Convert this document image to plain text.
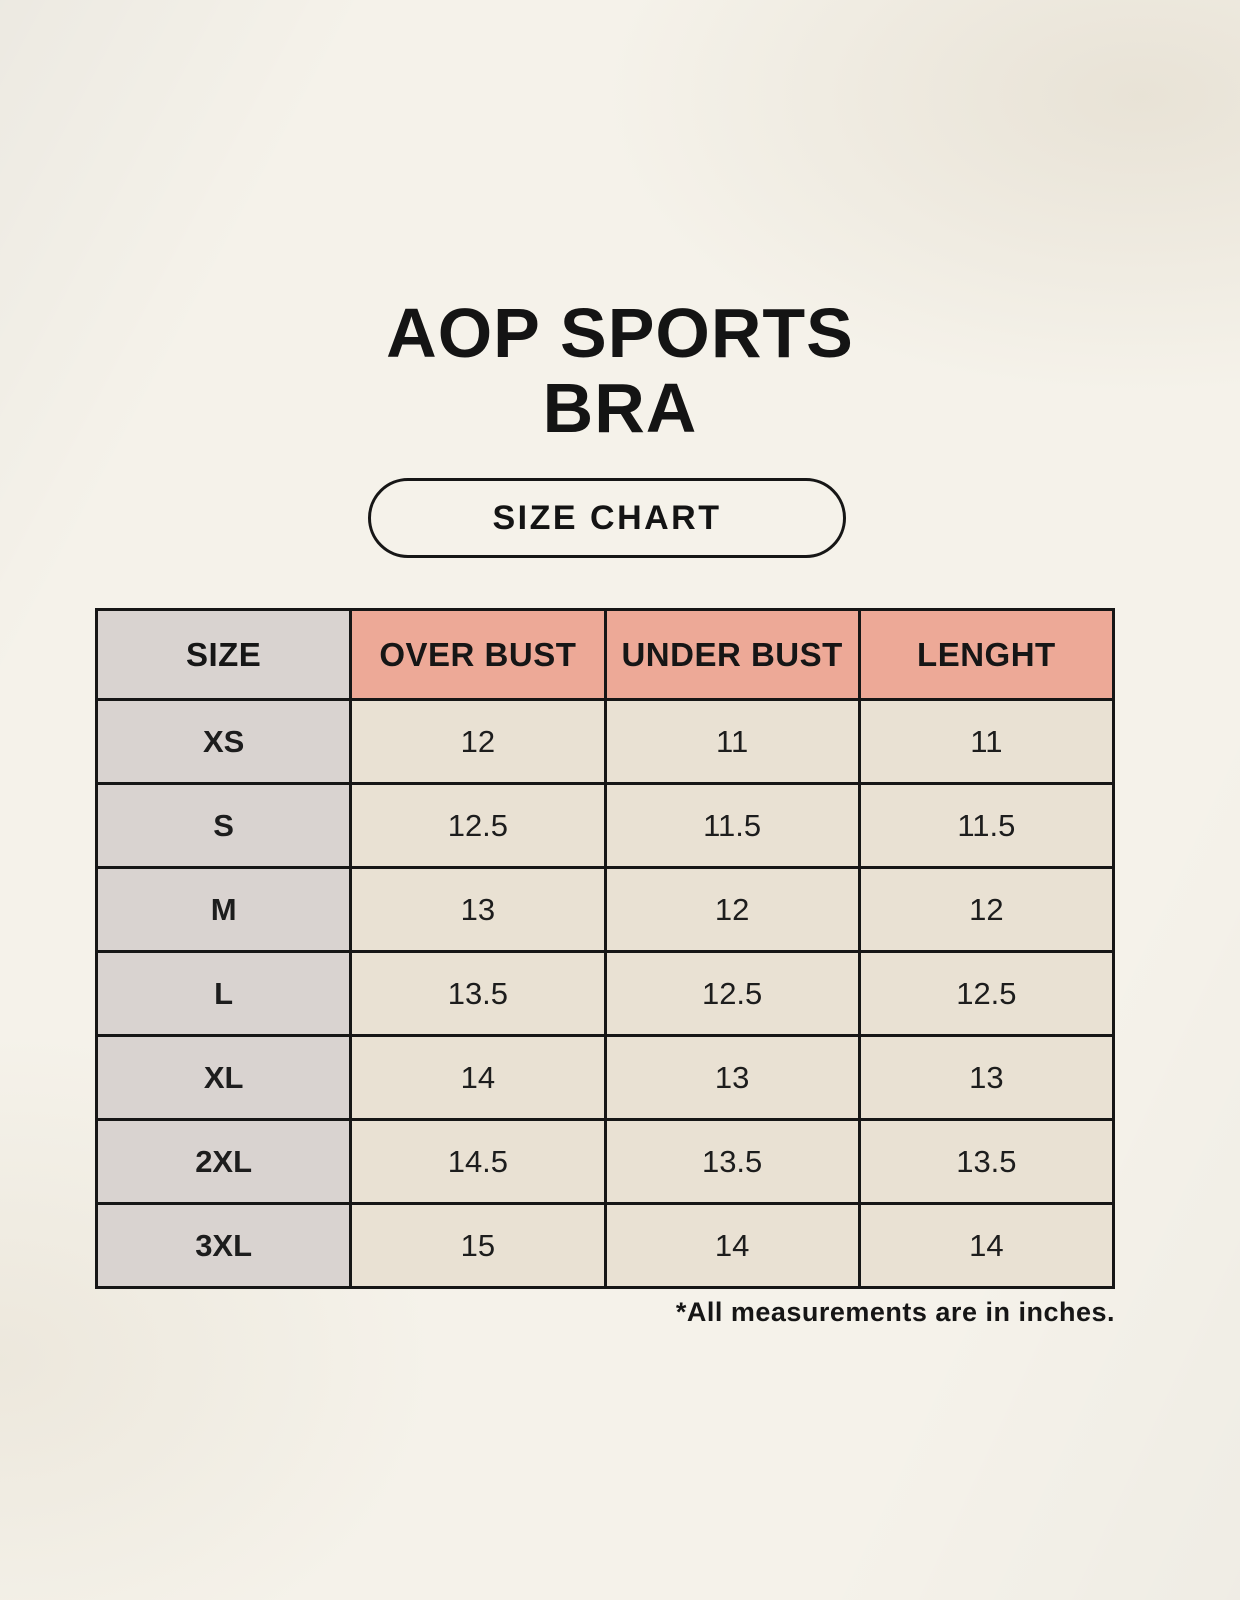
AOP SPORTS
BRA
SIZE CHART
SIZE	OVER BUST	UNDER BUST	LENGHT
XS	12	11	11
S	12.5	11.5	11.5
M	13	12	12
L	13.5	12.5	12.5
XL	14	13	13
2XL	14.5	13.5	13.5
3XL	15	14	14
*All measurements are in inches.
